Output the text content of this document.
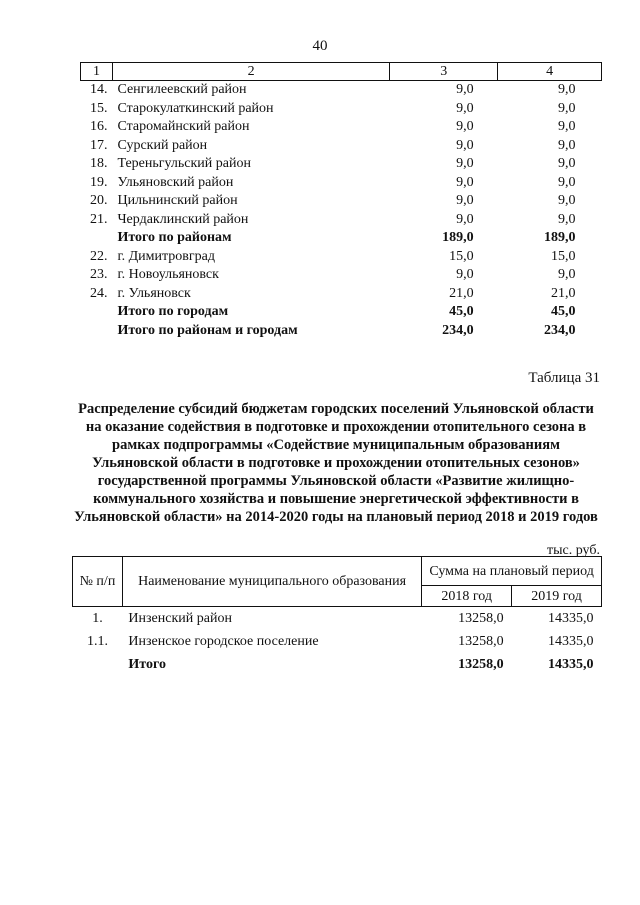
40
1	2	3	4
14.	Сенгилеевский район	9,0	9,0
15.	Старокулаткинский район	9,0	9,0
16.	Старомайнский район	9,0	9,0
17.	Сурский район	9,0	9,0
18.	Тереньгульский район	9,0	9,0
19.	Ульяновский район	9,0	9,0
20.	Цильнинский район	9,0	9,0
21.	Чердаклинский район	9,0	9,0
	Итого по районам	189,0	189,0
22.	г. Димитровград	15,0	15,0
23.	г. Новоульяновск	9,0	9,0
24.	г. Ульяновск	21,0	21,0
	Итого по городам	45,0	45,0
	Итого по районам и городам	234,0	234,0
Таблица 31
Распределение субсидий бюджетам городских поселений Ульяновской области на оказание содействия в подготовке и прохождении отопительного сезона в рамках подпрограммы «Содействие муниципальным образованиям Ульяновской области в подготовке и прохождении отопительных сезонов» государственной программы Ульяновской области «Развитие жилищно-коммунального хозяйства и повышение энергетической эффективности в Ульяновской области» на 2014-2020 годы на плановый период 2018 и 2019 годов
тыс. руб.
№ п/п	Наименование муниципального образования	Сумма на плановый период	
		2018 год	2019 год
1.	Инзенский район	13258,0	14335,0
1.1.	Инзенское городское поселение	13258,0	14335,0
	Итого	13258,0	14335,0
